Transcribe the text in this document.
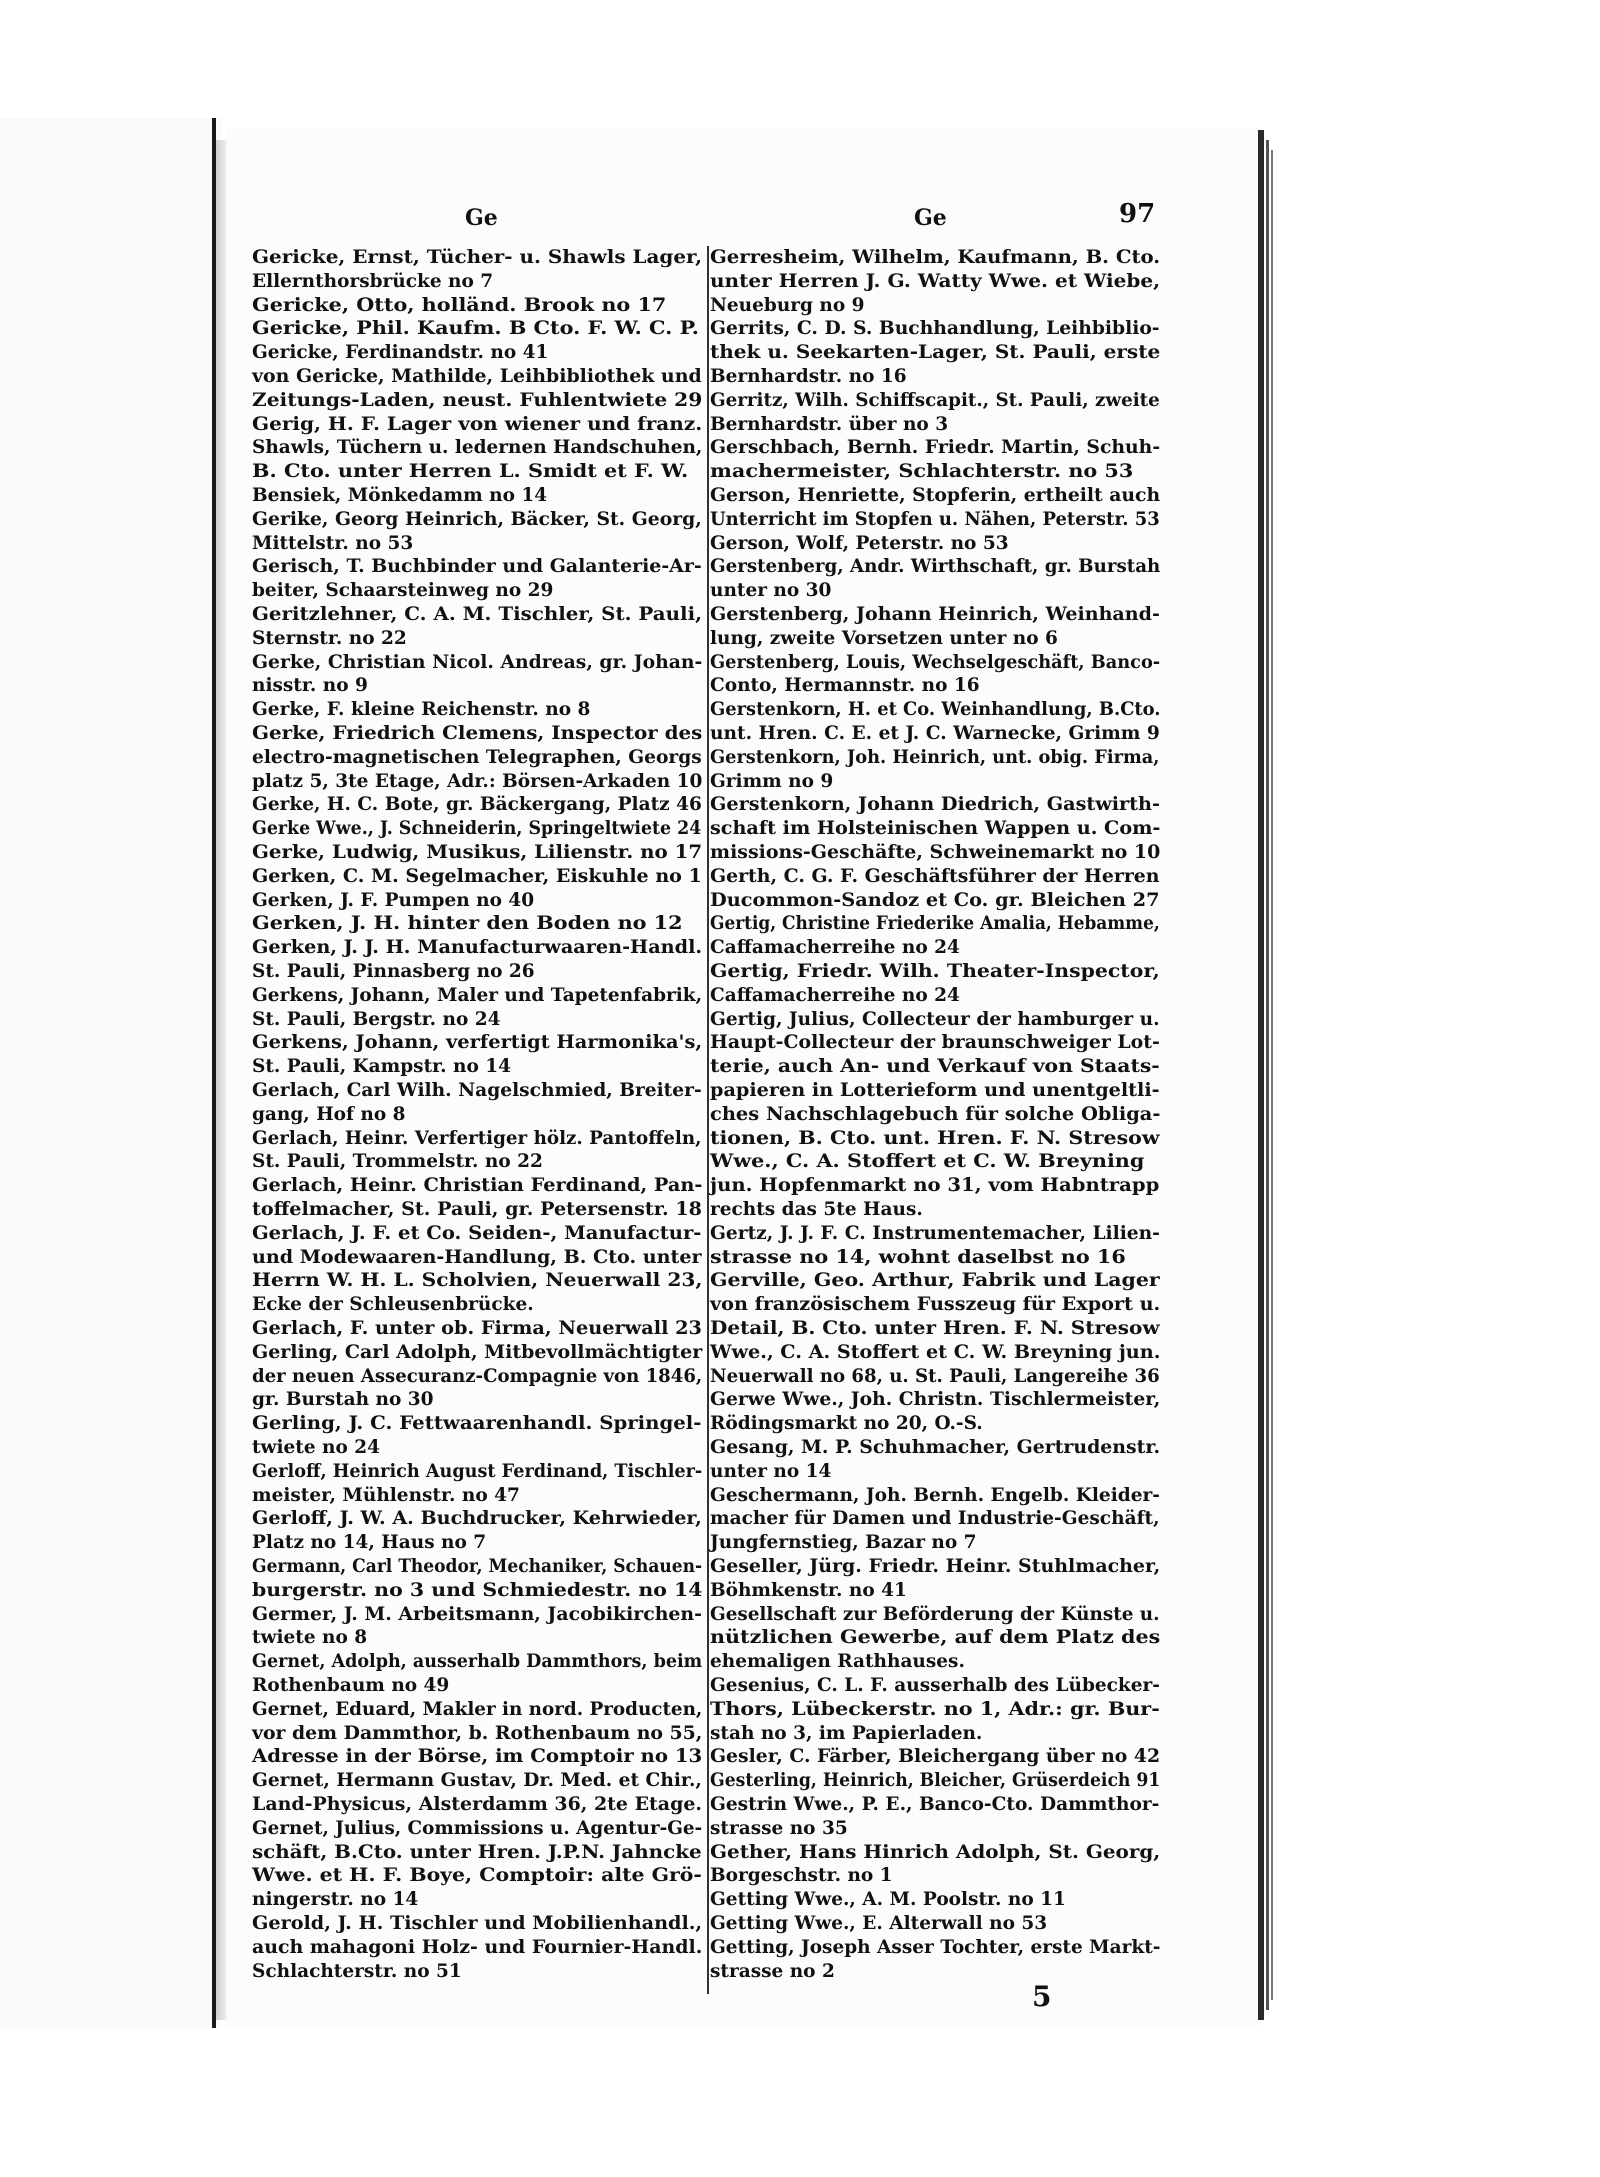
Ge	Ge	97
Gericke, Ernst, Tücher- u. Shawls Lager,
Ellernthorsbrücke no 7
Gericke, Otto, holländ. Brook no 17
Gericke, Phil. Kaufm. B Cto. F. W. C. P.
Gericke, Ferdinandstr. no 41
von Gericke, Mathilde, Leihbibliothek und
Zeitungs-Laden, neust. Fuhlentwiete 29
Gerig, H. F. Lager von wiener und franz.
Shawls, Tüchern u. ledernen Handschuhen,
B. Cto. unter Herren L. Smidt et F. W.
Bensiek, Mönkedamm no 14
Gerike, Georg Heinrich, Bäcker, St. Georg,
Mittelstr. no 53
Gerisch, T. Buchbinder und Galanterie-Ar-
beiter, Schaarsteinweg no 29
Geritzlehner, C. A. M. Tischler, St. Pauli,
Sternstr. no 22
Gerke, Christian Nicol. Andreas, gr. Johan-
nisstr. no 9
Gerke, F. kleine Reichenstr. no 8
Gerke, Friedrich Clemens, Inspector des
electro-magnetischen Telegraphen, Georgs
platz 5, 3te Etage, Adr.: Börsen-Arkaden 10
Gerke, H. C. Bote, gr. Bäckergang, Platz 46
Gerke Wwe., J. Schneiderin, Springeltwiete 24
Gerke, Ludwig, Musikus, Lilienstr. no 17
Gerken, C. M. Segelmacher, Eiskuhle no 1
Gerken, J. F. Pumpen no 40
Gerken, J. H. hinter den Boden no 12
Gerken, J. J. H. Manufacturwaaren-Handl.
St. Pauli, Pinnasberg no 26
Gerkens, Johann, Maler und Tapetenfabrik,
St. Pauli, Bergstr. no 24
Gerkens, Johann, verfertigt Harmonika's,
St. Pauli, Kampstr. no 14
Gerlach, Carl Wilh. Nagelschmied, Breiter-
gang, Hof no 8
Gerlach, Heinr. Verfertiger hölz. Pantoffeln,
St. Pauli, Trommelstr. no 22
Gerlach, Heinr. Christian Ferdinand, Pan-
toffelmacher, St. Pauli, gr. Petersenstr. 18
Gerlach, J. F. et Co. Seiden-, Manufactur-
und Modewaaren-Handlung, B. Cto. unter
Herrn W. H. L. Scholvien, Neuerwall 23,
Ecke der Schleusenbrücke.
Gerlach, F. unter ob. Firma, Neuerwall 23
Gerling, Carl Adolph, Mitbevollmächtigter
der neuen Assecuranz-Compagnie von 1846,
gr. Burstah no 30
Gerling, J. C. Fettwaarenhandl. Springel-
twiete no 24
Gerloff, Heinrich August Ferdinand, Tischler-
meister, Mühlenstr. no 47
Gerloff, J. W. A. Buchdrucker, Kehrwieder,
Platz no 14, Haus no 7
Germann, Carl Theodor, Mechaniker, Schauen-
burgerstr. no 3 und Schmiedestr. no 14
Germer, J. M. Arbeitsmann, Jacobikirchen-
twiete no 8
Gernet, Adolph, ausserhalb Dammthors, beim
Rothenbaum no 49
Gernet, Eduard, Makler in nord. Producten,
vor dem Dammthor, b. Rothenbaum no 55,
Adresse in der Börse, im Comptoir no 13
Gernet, Hermann Gustav, Dr. Med. et Chir.,
Land-Physicus, Alsterdamm 36, 2te Etage.
Gernet, Julius, Commissions u. Agentur-Ge-
schäft, B.Cto. unter Hren. J.P.N. Jahncke
Wwe. et H. F. Boye, Comptoir: alte Grö-
ningerstr. no 14
Gerold, J. H. Tischler und Mobilienhandl.,
auch mahagoni Holz- und Fournier-Handl.
Schlachterstr. no 51
Gerresheim, Wilhelm, Kaufmann, B. Cto.
unter Herren J. G. Watty Wwe. et Wiebe,
Neueburg no 9
Gerrits, C. D. S. Buchhandlung, Leihbiblio-
thek u. Seekarten-Lager, St. Pauli, erste
Bernhardstr. no 16
Gerritz, Wilh. Schiffscapit., St. Pauli, zweite
Bernhardstr. über no 3
Gerschbach, Bernh. Friedr. Martin, Schuh-
machermeister, Schlachterstr. no 53
Gerson, Henriette, Stopferin, ertheilt auch
Unterricht im Stopfen u. Nähen, Peterstr. 53
Gerson, Wolf, Peterstr. no 53
Gerstenberg, Andr. Wirthschaft, gr. Burstah
unter no 30
Gerstenberg, Johann Heinrich, Weinhand-
lung, zweite Vorsetzen unter no 6
Gerstenberg, Louis, Wechselgeschäft, Banco-
Conto, Hermannstr. no 16
Gerstenkorn, H. et Co. Weinhandlung, B.Cto.
unt. Hren. C. E. et J. C. Warnecke, Grimm 9
Gerstenkorn, Joh. Heinrich, unt. obig. Firma,
Grimm no 9
Gerstenkorn, Johann Diedrich, Gastwirth-
schaft im Holsteinischen Wappen u. Com-
missions-Geschäfte, Schweinemarkt no 10
Gerth, C. G. F. Geschäftsführer der Herren
Ducommon-Sandoz et Co. gr. Bleichen 27
Gertig, Christine Friederike Amalia, Hebamme,
Caffamacherreihe no 24
Gertig, Friedr. Wilh. Theater-Inspector,
Caffamacherreihe no 24
Gertig, Julius, Collecteur der hamburger u.
Haupt-Collecteur der braunschweiger Lot-
terie, auch An- und Verkauf von Staats-
papieren in Lotterieform und unentgeltli-
ches Nachschlagebuch für solche Obliga-
tionen, B. Cto. unt. Hren. F. N. Stresow
Wwe., C. A. Stoffert et C. W. Breyning
jun. Hopfenmarkt no 31, vom Habntrapp
rechts das 5te Haus.
Gertz, J. J. F. C. Instrumentemacher, Lilien-
strasse no 14, wohnt daselbst no 16
Gerville, Geo. Arthur, Fabrik und Lager
von französischem Fusszeug für Export u.
Detail, B. Cto. unter Hren. F. N. Stresow
Wwe., C. A. Stoffert et C. W. Breyning jun.
Neuerwall no 68, u. St. Pauli, Langereihe 36
Gerwe Wwe., Joh. Christn. Tischlermeister,
Rödingsmarkt no 20, O.-S.
Gesang, M. P. Schuhmacher, Gertrudenstr.
unter no 14
Geschermann, Joh. Bernh. Engelb. Kleider-
macher für Damen und Industrie-Geschäft,
Jungfernstieg, Bazar no 7
Geseller, Jürg. Friedr. Heinr. Stuhlmacher,
Böhmkenstr. no 41
Gesellschaft zur Beförderung der Künste u.
nützlichen Gewerbe, auf dem Platz des
ehemaligen Rathhauses.
Gesenius, C. L. F. ausserhalb des Lübecker-
Thors, Lübeckerstr. no 1, Adr.: gr. Bur-
stah no 3, im Papierladen.
Gesler, C. Färber, Bleichergang über no 42
Gesterling, Heinrich, Bleicher, Grüserdeich 91
Gestrin Wwe., P. E., Banco-Cto. Dammthor-
strasse no 35
Gether, Hans Hinrich Adolph, St. Georg,
Borgeschstr. no 1
Getting Wwe., A. M. Poolstr. no 11
Getting Wwe., E. Alterwall no 53
Getting, Joseph Asser Tochter, erste Markt-
strasse no 2
5
